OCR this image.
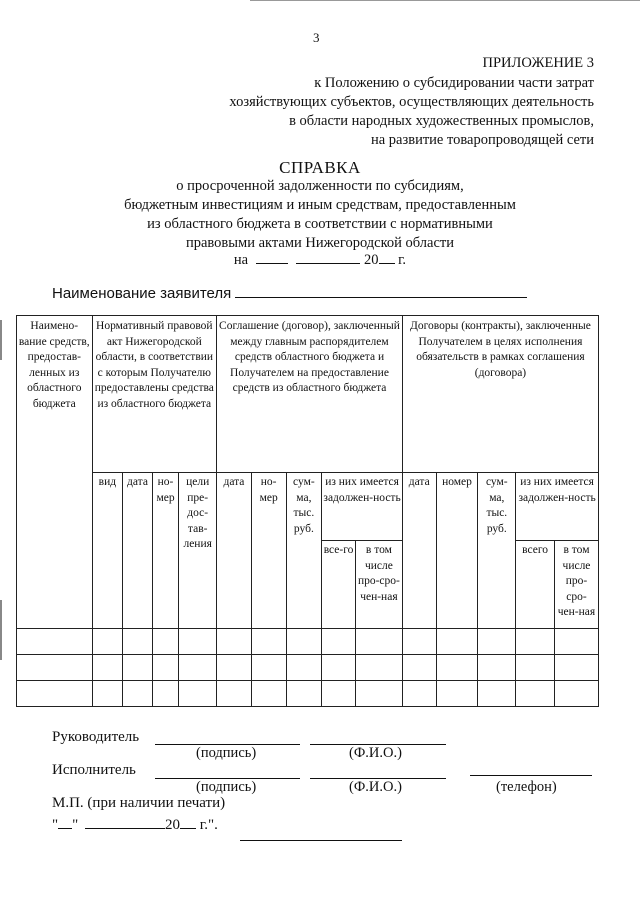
3
ПРИЛОЖЕНИЕ 3
к Положению о субсидировании части затрат
хозяйствующих субъектов, осуществляющих деятельность
в области народных художественных промыслов,
на развитие товаропроводящей сети
СПРАВКА
о просроченной задолженности по субсидиям,
бюджетным инвестициям и иным средствам, предоставленным
из областного бюджета в соответствии с нормативными
правовыми актами Нижегородской области
на	20 г.
Наименование заявителя
Наимено-вание средств, предостав-ленных из областного бюджета	Нормативный правовой акт Нижегородской области, в соответствии с которым Получателю предоставлены средства из областного бюджета				Соглашение (договор), заключенный между главным распорядителем средств областного бюджета и Получателем на предоставление средств из областного бюджета					Договоры (контракты), заключенные Получателем в целях исполнения обязательств в рамках соглашения (договора)				
	вид	дата	но-мер	цели пре-дос-тав-ления	дата	но-мер	сум-ма, тыс. руб.	из них имеется задолжен-ность		дата	номер	сум-ма, тыс. руб.	из них имеется задолжен-ность	
								все-го	в том числе про-сро-чен-ная				всего	в том числе про-сро-чен-ная

Руководитель
(подпись)	(Ф.И.О.)
Исполнитель
(подпись)	(Ф.И.О.)	(телефон)
М.П. (при наличии печати)
" "	20 г.".
